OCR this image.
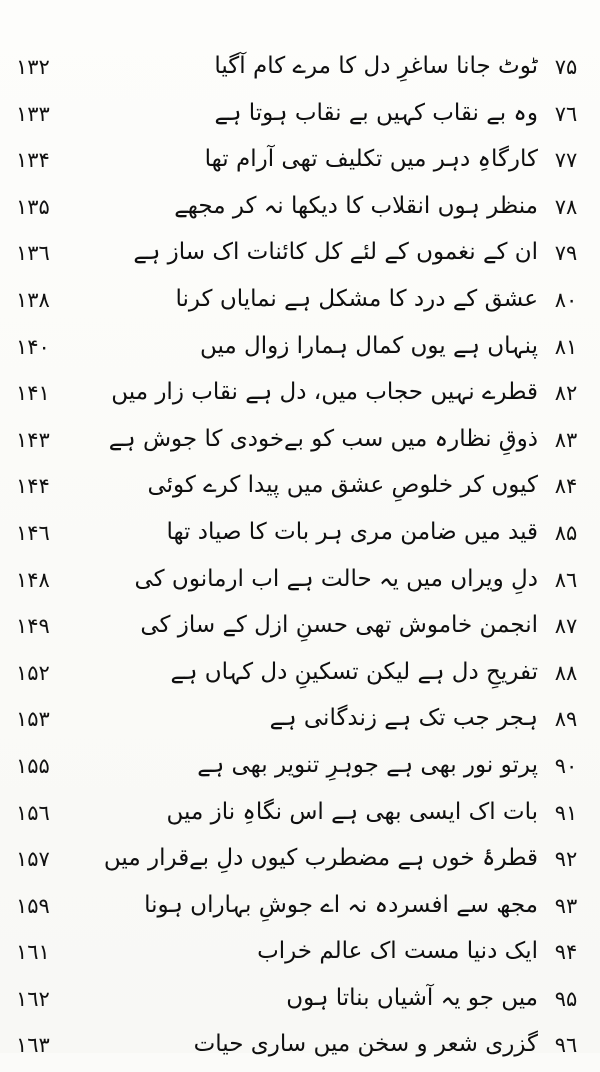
۱۳۲	ٹوٹ جانا ساغرِ دل کا مرے کام آگیا ۷۵
۱۳۳	وہ بے نقاب کہیں بے نقاب ہوتا ہے ۷٦
۱۳۴	کارگاہِ دہر میں تکلیف تھی آرام تھا ۷۷
۱۳۵	منظر ہوں انقلاب کا دیکھا نہ کر مجھے ۷۸
۱۳٦	ان کے نغموں کے لئے کل کائنات اک ساز ہے ۷۹
۱۳۸	عشق کے درد کا مشکل ہے نمایاں کرنا ۸۰
۱۴۰	پنہاں ہے یوں کمال ہمارا زوال میں ۸۱
۱۴۱	قطرے نہیں حجاب میں، دل ہے نقاب زار میں ۸۲
۱۴۳	ذوقِ نظارہ میں سب کو بےخودی کا جوش ہے ۸۳
۱۴۴	کیوں کر خلوصِ عشق میں پیدا کرے کوئی ۸۴
۱۴٦	قید میں ضامن مری ہر بات کا صیاد تھا ۸۵
۱۴۸	دلِ ویراں میں یہ حالت ہے اب ارمانوں کی ۸٦
۱۴۹	انجمن خاموش تھی حسنِ ازل کے ساز کی ۸۷
۱۵۲	تفریحِ دل ہے لیکن تسکینِ دل کہاں ہے ۸۸
۱۵۳	ہجر جب تک ہے زندگانی ہے ۸۹
۱۵۵	پرتو نور بھی ہے جوہرِ تنویر بھی ہے ۹۰
۱۵٦	بات اک ایسی بھی ہے اس نگاہِ ناز میں ۹۱
۱۵۷	قطرۂ خوں ہے مضطرب کیوں دلِ بےقرار میں ۹۲
۱۵۹	مجھ سے افسردہ نہ اے جوشِ بہاراں ہونا ۹۳
۱٦۱	ایک دنیا مست اک عالم خراب ۹۴
۱٦۲	میں جو یہ آشیاں بناتا ہوں ۹۵
۱٦۳	گزری شعر و سخن میں ساری حیات ۹٦
